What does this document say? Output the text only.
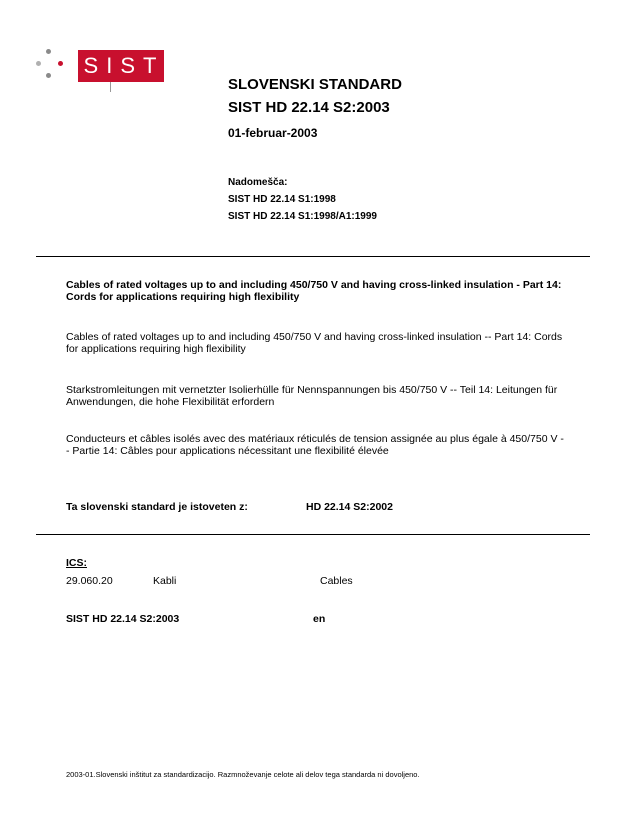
SIST
SLOVENSKI STANDARD
SIST HD 22.14 S2:2003
01-februar-2003
Nadomešča:
SIST HD 22.14 S1:1998
SIST HD 22.14 S1:1998/A1:1999
Cables of rated voltages up to and including 450/750 V and having cross-linked insulation - Part 14: Cords for applications requiring high flexibility
Cables of rated voltages up to and including 450/750 V and having cross-linked insulation -- Part 14: Cords for applications requiring high flexibility
Starkstromleitungen mit vernetzter Isolierhülle für Nennspannungen bis 450/750 V -- Teil 14: Leitungen für Anwendungen, die hohe Flexibilität erfordern
Conducteurs et câbles isolés avec des matériaux réticulés de tension assignée au plus égale à 450/750 V -- Partie 14: Câbles pour applications nécessitant une flexibilité élevée
Ta slovenski standard je istoveten z:	HD 22.14 S2:2002
ICS:
29.060.20	Kabli	Cables
SIST HD 22.14 S2:2003	en
2003-01.Slovenski inštitut za standardizacijo. Razmnoževanje celote ali delov tega standarda ni dovoljeno.
